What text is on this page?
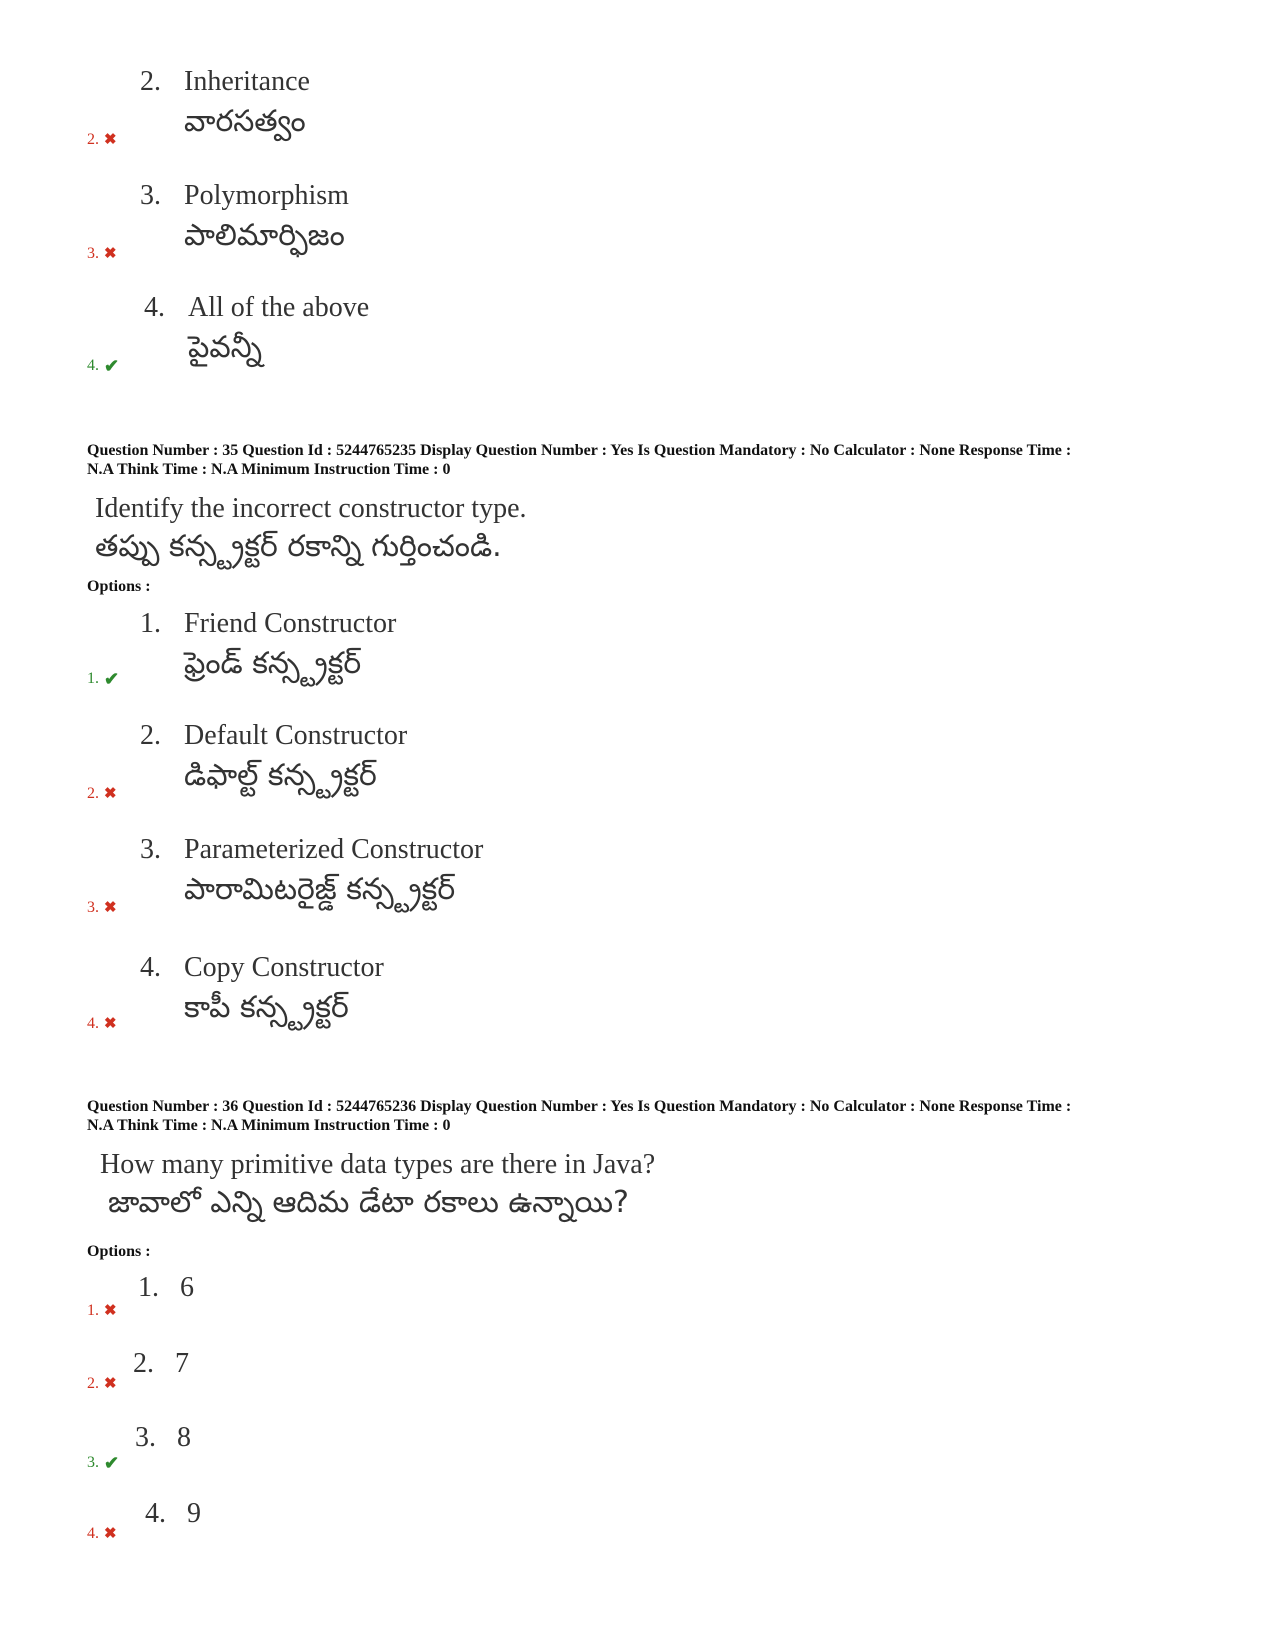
2. Inheritance
వారసత్వం
2. ✖
3. Polymorphism
పాలిమార్ఫిజం
3. ✖
4. All of the above
పైవన్నీ
4. ✔
Question Number : 35 Question Id : 5244765235 Display Question Number : Yes Is Question Mandatory : No Calculator : None Response Time :
N.A Think Time : N.A Minimum Instruction Time : 0
Identify the incorrect constructor type.
తప్పు కన్స్ట్రక్టర్ రకాన్ని గుర్తించండి.
Options :
1. Friend Constructor
ఫ్రెండ్ కన్స్ట్రక్టర్
1. ✔
2. Default Constructor
డిఫాల్ట్ కన్స్ట్రక్టర్
2. ✖
3. Parameterized Constructor
పారామిటరైజ్డ్ కన్స్ట్రక్టర్
3. ✖
4. Copy Constructor
కాపీ కన్స్ట్రక్టర్
4. ✖
Question Number : 36 Question Id : 5244765236 Display Question Number : Yes Is Question Mandatory : No Calculator : None Response Time :
N.A Think Time : N.A Minimum Instruction Time : 0
How many primitive data types are there in Java?
జావాలో ఎన్ని ఆదిమ డేటా రకాలు ఉన్నాయి?
Options :
1. 6
1. ✖
2. 7
2. ✖
3. 8
3. ✔
4. 9
4. ✖
